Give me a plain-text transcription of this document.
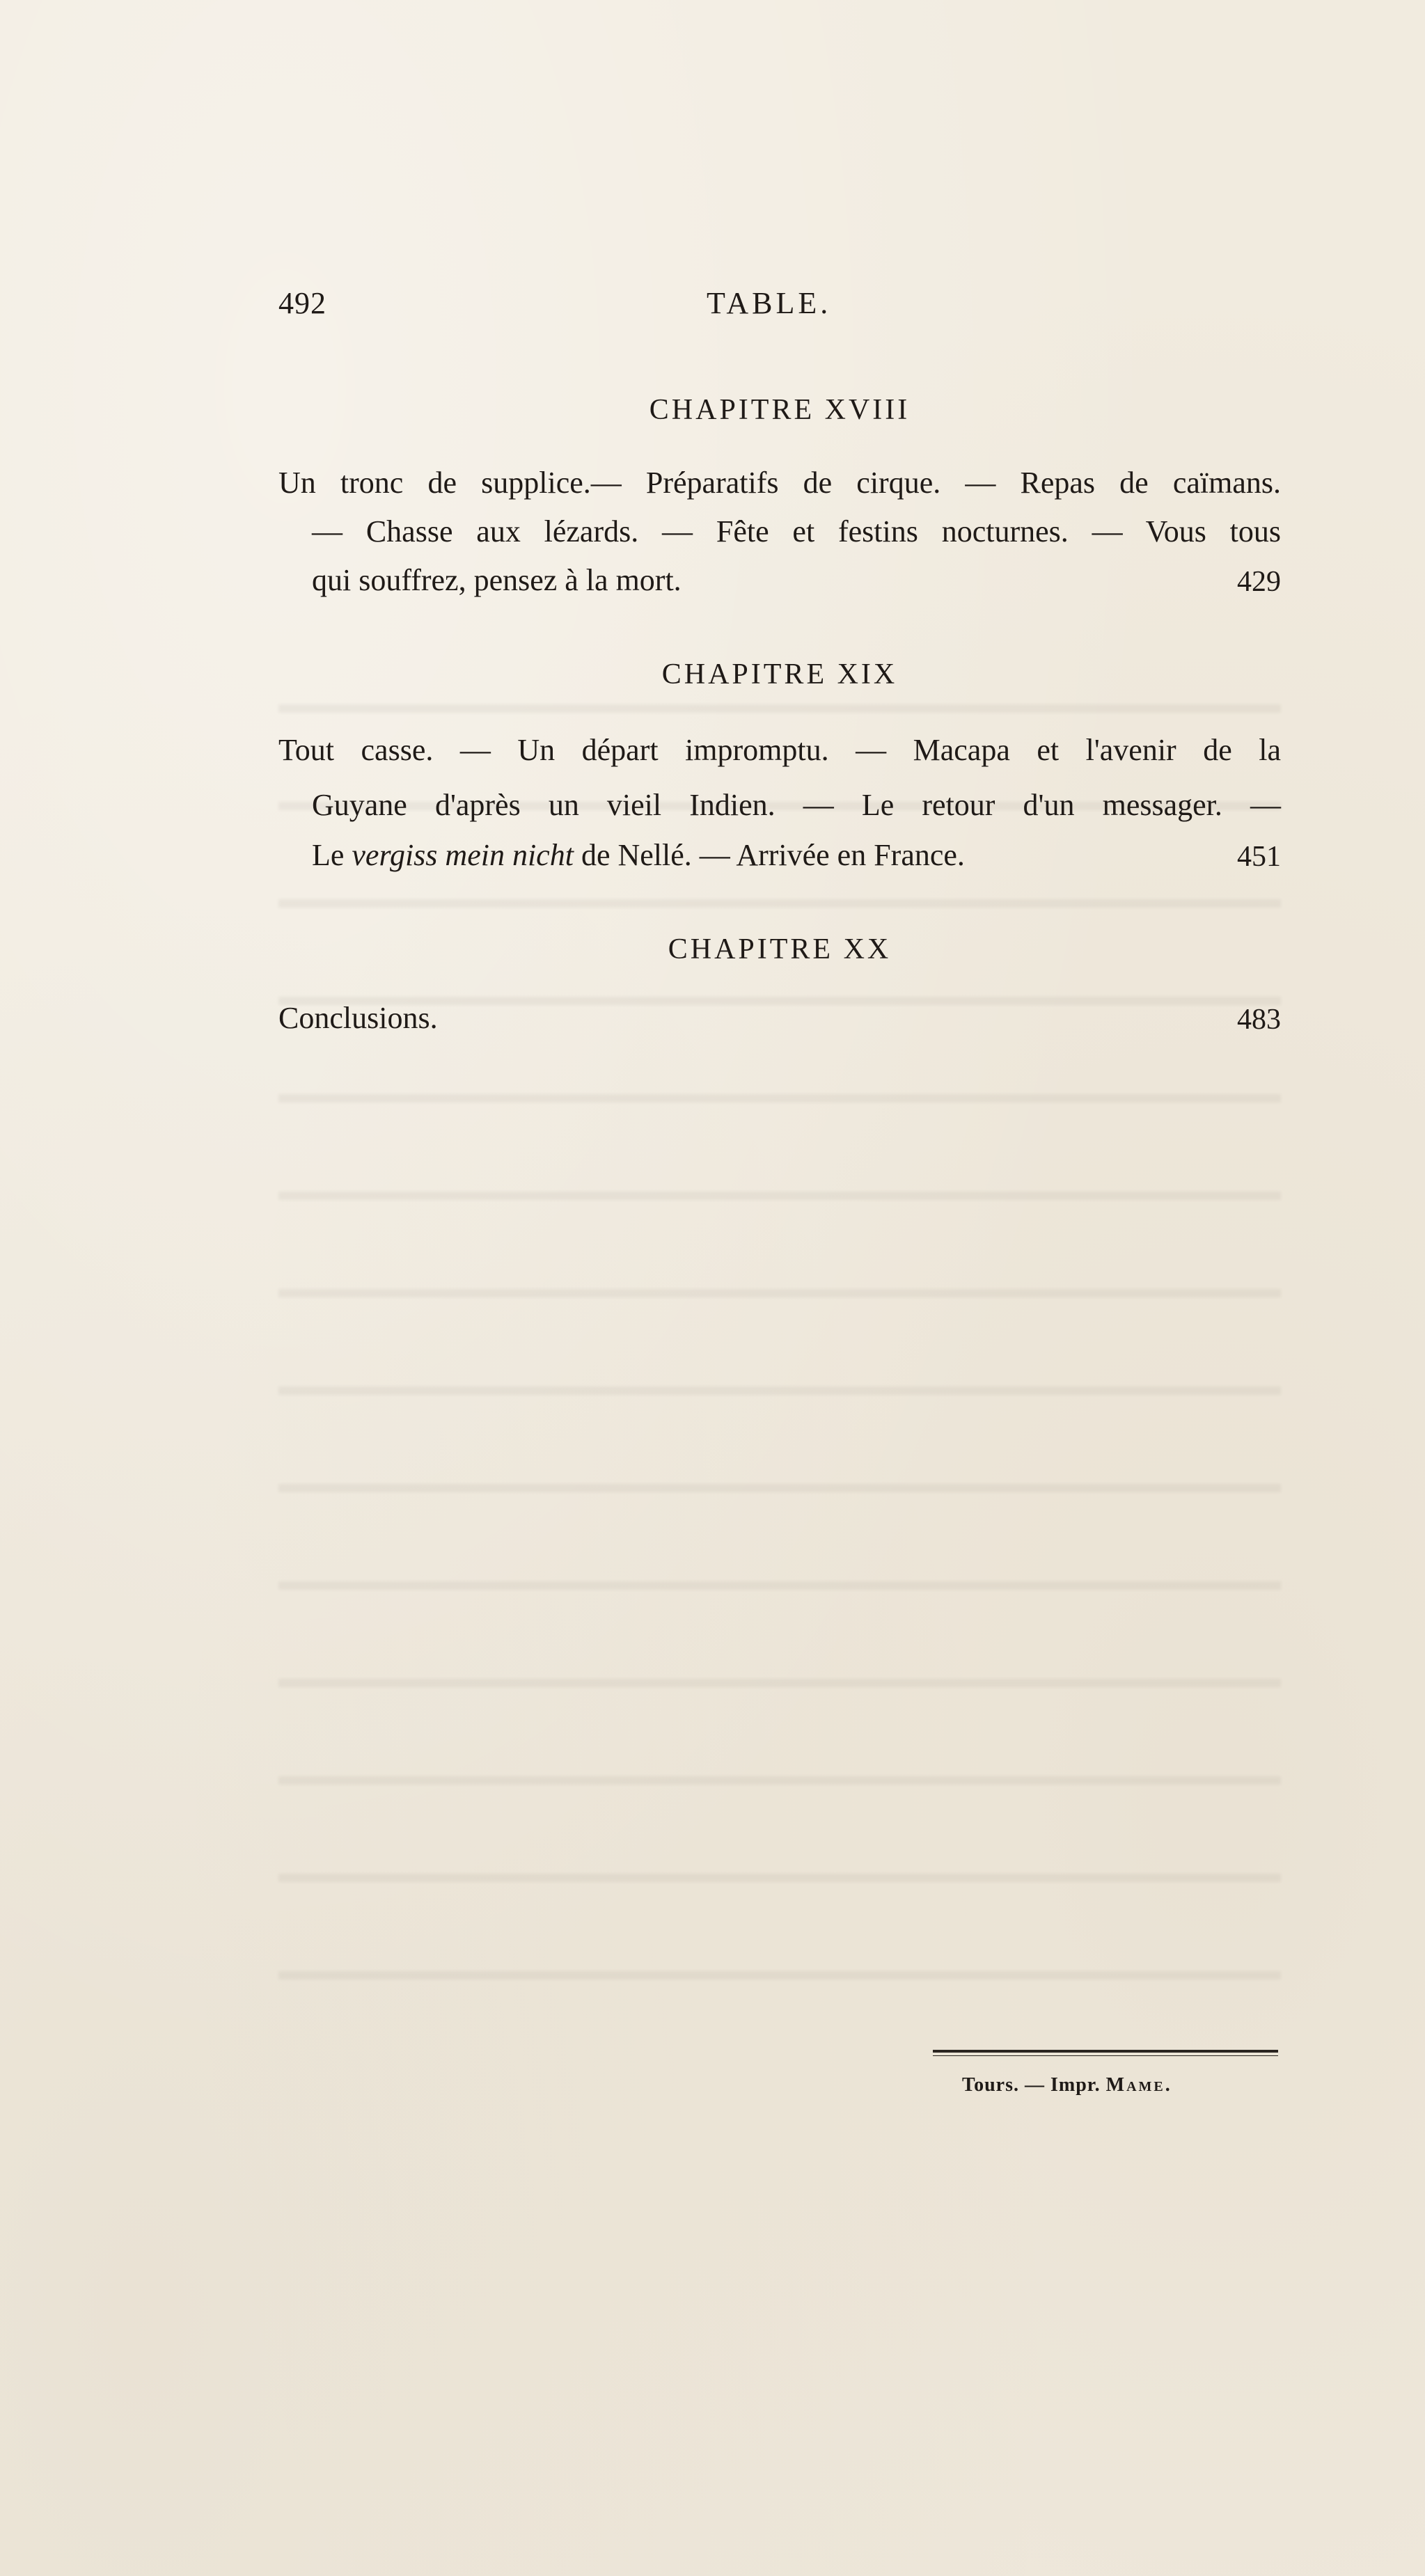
492	TABLE.
CHAPITRE XVIII
Un tronc de supplice.— Préparatifs de cirque. — Repas de caïmans.
— Chasse aux lézards. — Fête et festins nocturnes. — Vous tous
qui souffrez, pensez à la mort.	429
CHAPITRE XIX
Tout casse. — Un départ impromptu. — Macapa et l'avenir de la
Guyane d'après un vieil Indien. — Le retour d'un messager. —
Le vergiss mein nicht de Nellé. — Arrivée en France.	451
CHAPITRE XX
Conclusions.	483
Tours. — Impr. Mame.
